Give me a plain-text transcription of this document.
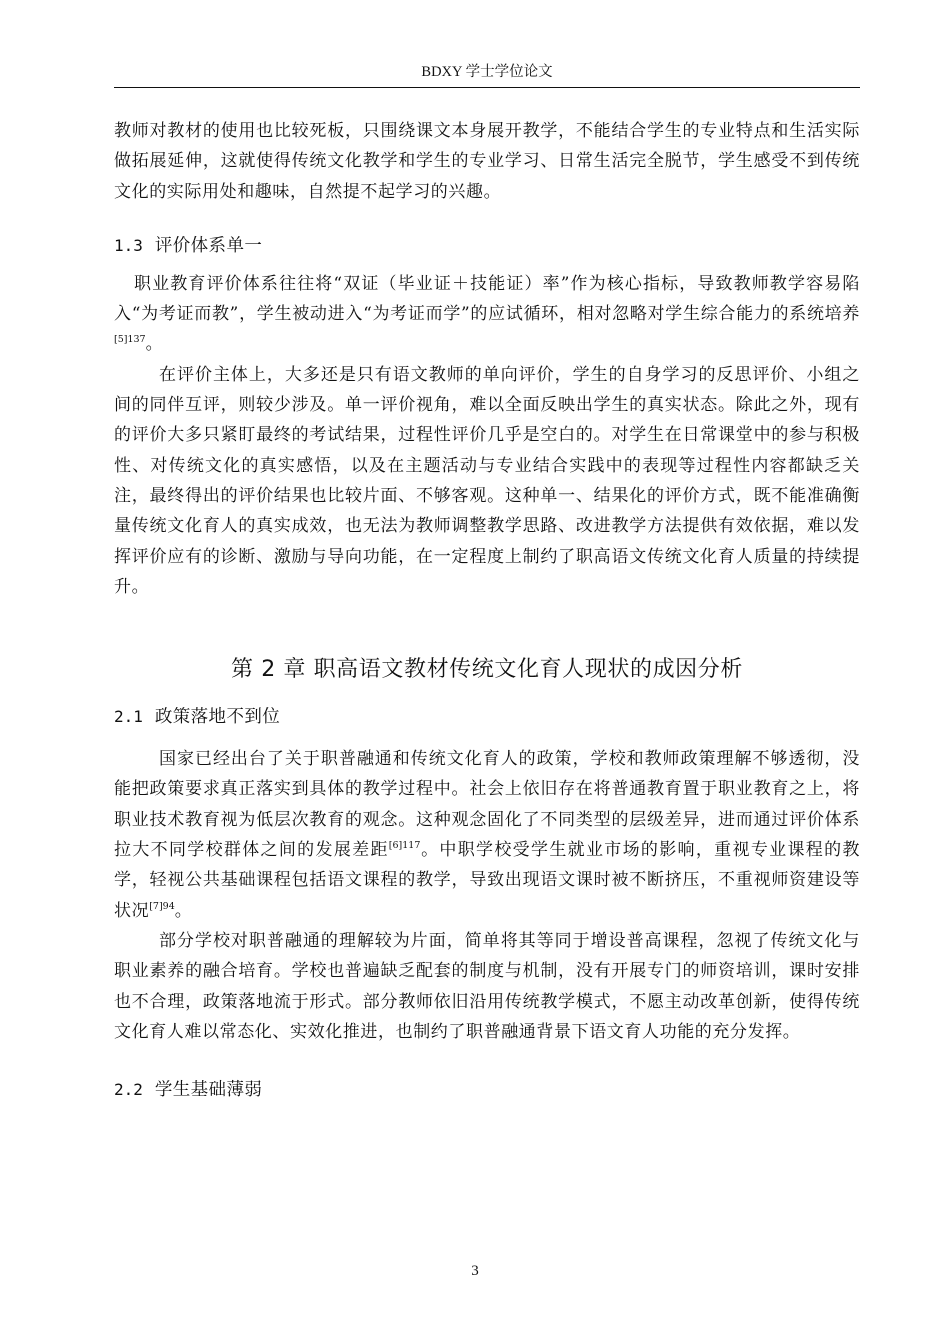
BDXY 学士学位论文

教师对教材的使用也比较死板，只围绕课文本身展开教学，不能结合学生的专业特点和生活实际做拓展延伸，这就使得传统文化教学和学生的专业学习、日常生活完全脱节，学生感受不到传统文化的实际用处和趣味，自然提不起学习的兴趣。

1.3 评价体系单一

职业教育评价体系往往将“双证（毕业证＋技能证）率”作为核心指标，导致教师教学容易陷入“为考证而教”，学生被动进入“为考证而学”的应试循环，相对忽略对学生综合能力的系统培养$^{[5]137}$。

在评价主体上，大多还是只有语文教师的单向评价，学生的自身学习的反思评价、小组之间的同伴互评，则较少涉及。单一评价视角，难以全面反映出学生的真实状态。除此之外，现有的评价大多只紧盯最终的考试结果，过程性评价几乎是空白的。对学生在日常课堂中的参与积极性、对传统文化的真实感悟，以及在主题活动与专业结合实践中的表现等过程性内容都缺乏关注，最终得出的评价结果也比较片面、不够客观。这种单一、结果化的评价方式，既不能准确衡量传统文化育人的真实成效，也无法为教师调整教学思路、改进教学方法提供有效依据，难以发挥评价应有的诊断、激励与导向功能，在一定程度上制约了职高语文传统文化育人质量的持续提升。

第 2 章 职高语文教材传统文化育人现状的成因分析
2.1 政策落地不到位

国家已经出台了关于职普融通和传统文化育人的政策，学校和教师政策理解不够透彻，没能把政策要求真正落实到具体的教学过程中。社会上依旧存在将普通教育置于职业教育之上，将职业技术教育视为低层次教育的观念。这种观念固化了不同类型的层级差异，进而通过评价体系拉大不同学校群体之间的发展差距$^{[6]117}$。中职学校受学生就业市场的影响，重视专业课程的教学，轻视公共基础课程包括语文课程的教学，导致出现语文课时被不断挤压，不重视师资建设等状况$^{[7]94}$。

部分学校对职普融通的理解较为片面，简单将其等同于增设普高课程，忽视了传统文化与职业素养的融合培育。学校也普遍缺乏配套的制度与机制，没有开展专门的师资培训，课时安排也不合理，政策落地流于形式。部分教师依旧沿用传统教学模式，不愿主动改革创新，使得传统文化育人难以常态化、实效化推进，也制约了职普融通背景下语文育人功能的充分发挥。

2.2 学生基础薄弱
3
